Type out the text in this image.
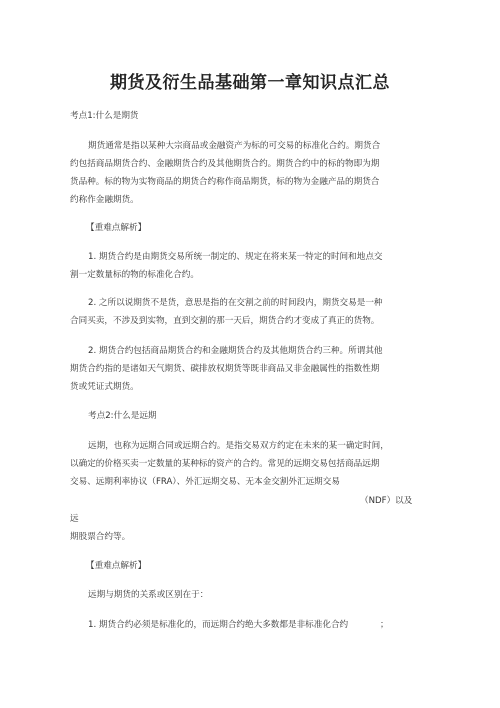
期货及衍生品基础第一章知识点汇总
考点1:什么是期货
期货通常是指以某种大宗商品或金融资产为标的可交易的标准化合约。期货合
约包括商品期货合约、金融期货合约及其他期货合约。期货合约中的标的物即为期
货品种。标的物为实物商品的期货合约称作商品期货，标的物为金融产品的期货合
约称作金融期货。
【重难点解析】
1. 期货合约是由期货交易所统一制定的、规定在将来某一特定的时间和地点交
割一定数量标的物的标准化合约。
2. 之所以说期货不是货，意思是指的在交割之前的时间段内，期货交易是一种
合同买卖，不涉及到实物，直到交割的那一天后，期货合约才变成了真正的货物。
2. 期货合约包括商品期货合约和金融期货合约及其他期货合约三种。所谓其他
期货合约指的是诸如天气期货、碳排放权期货等既非商品又非金融属性的指数性期
货或凭证式期货。
考点2:什么是远期
远期，也称为远期合同或远期合约。是指交易双方约定在未来的某一确定时间，
以确定的价格买卖一定数量的某种标的资产的合约。常见的远期交易包括商品远期
交易、远期利率协议（FRA）、外汇远期交易、无本金交割外汇远期交易
（NDF）以及
远
期股票合约等。
【重难点解析】
远期与期货的关系或区别在于：
1. 期货合约必须是标准化的，而远期合约绝大多数都是非标准化合约	；
